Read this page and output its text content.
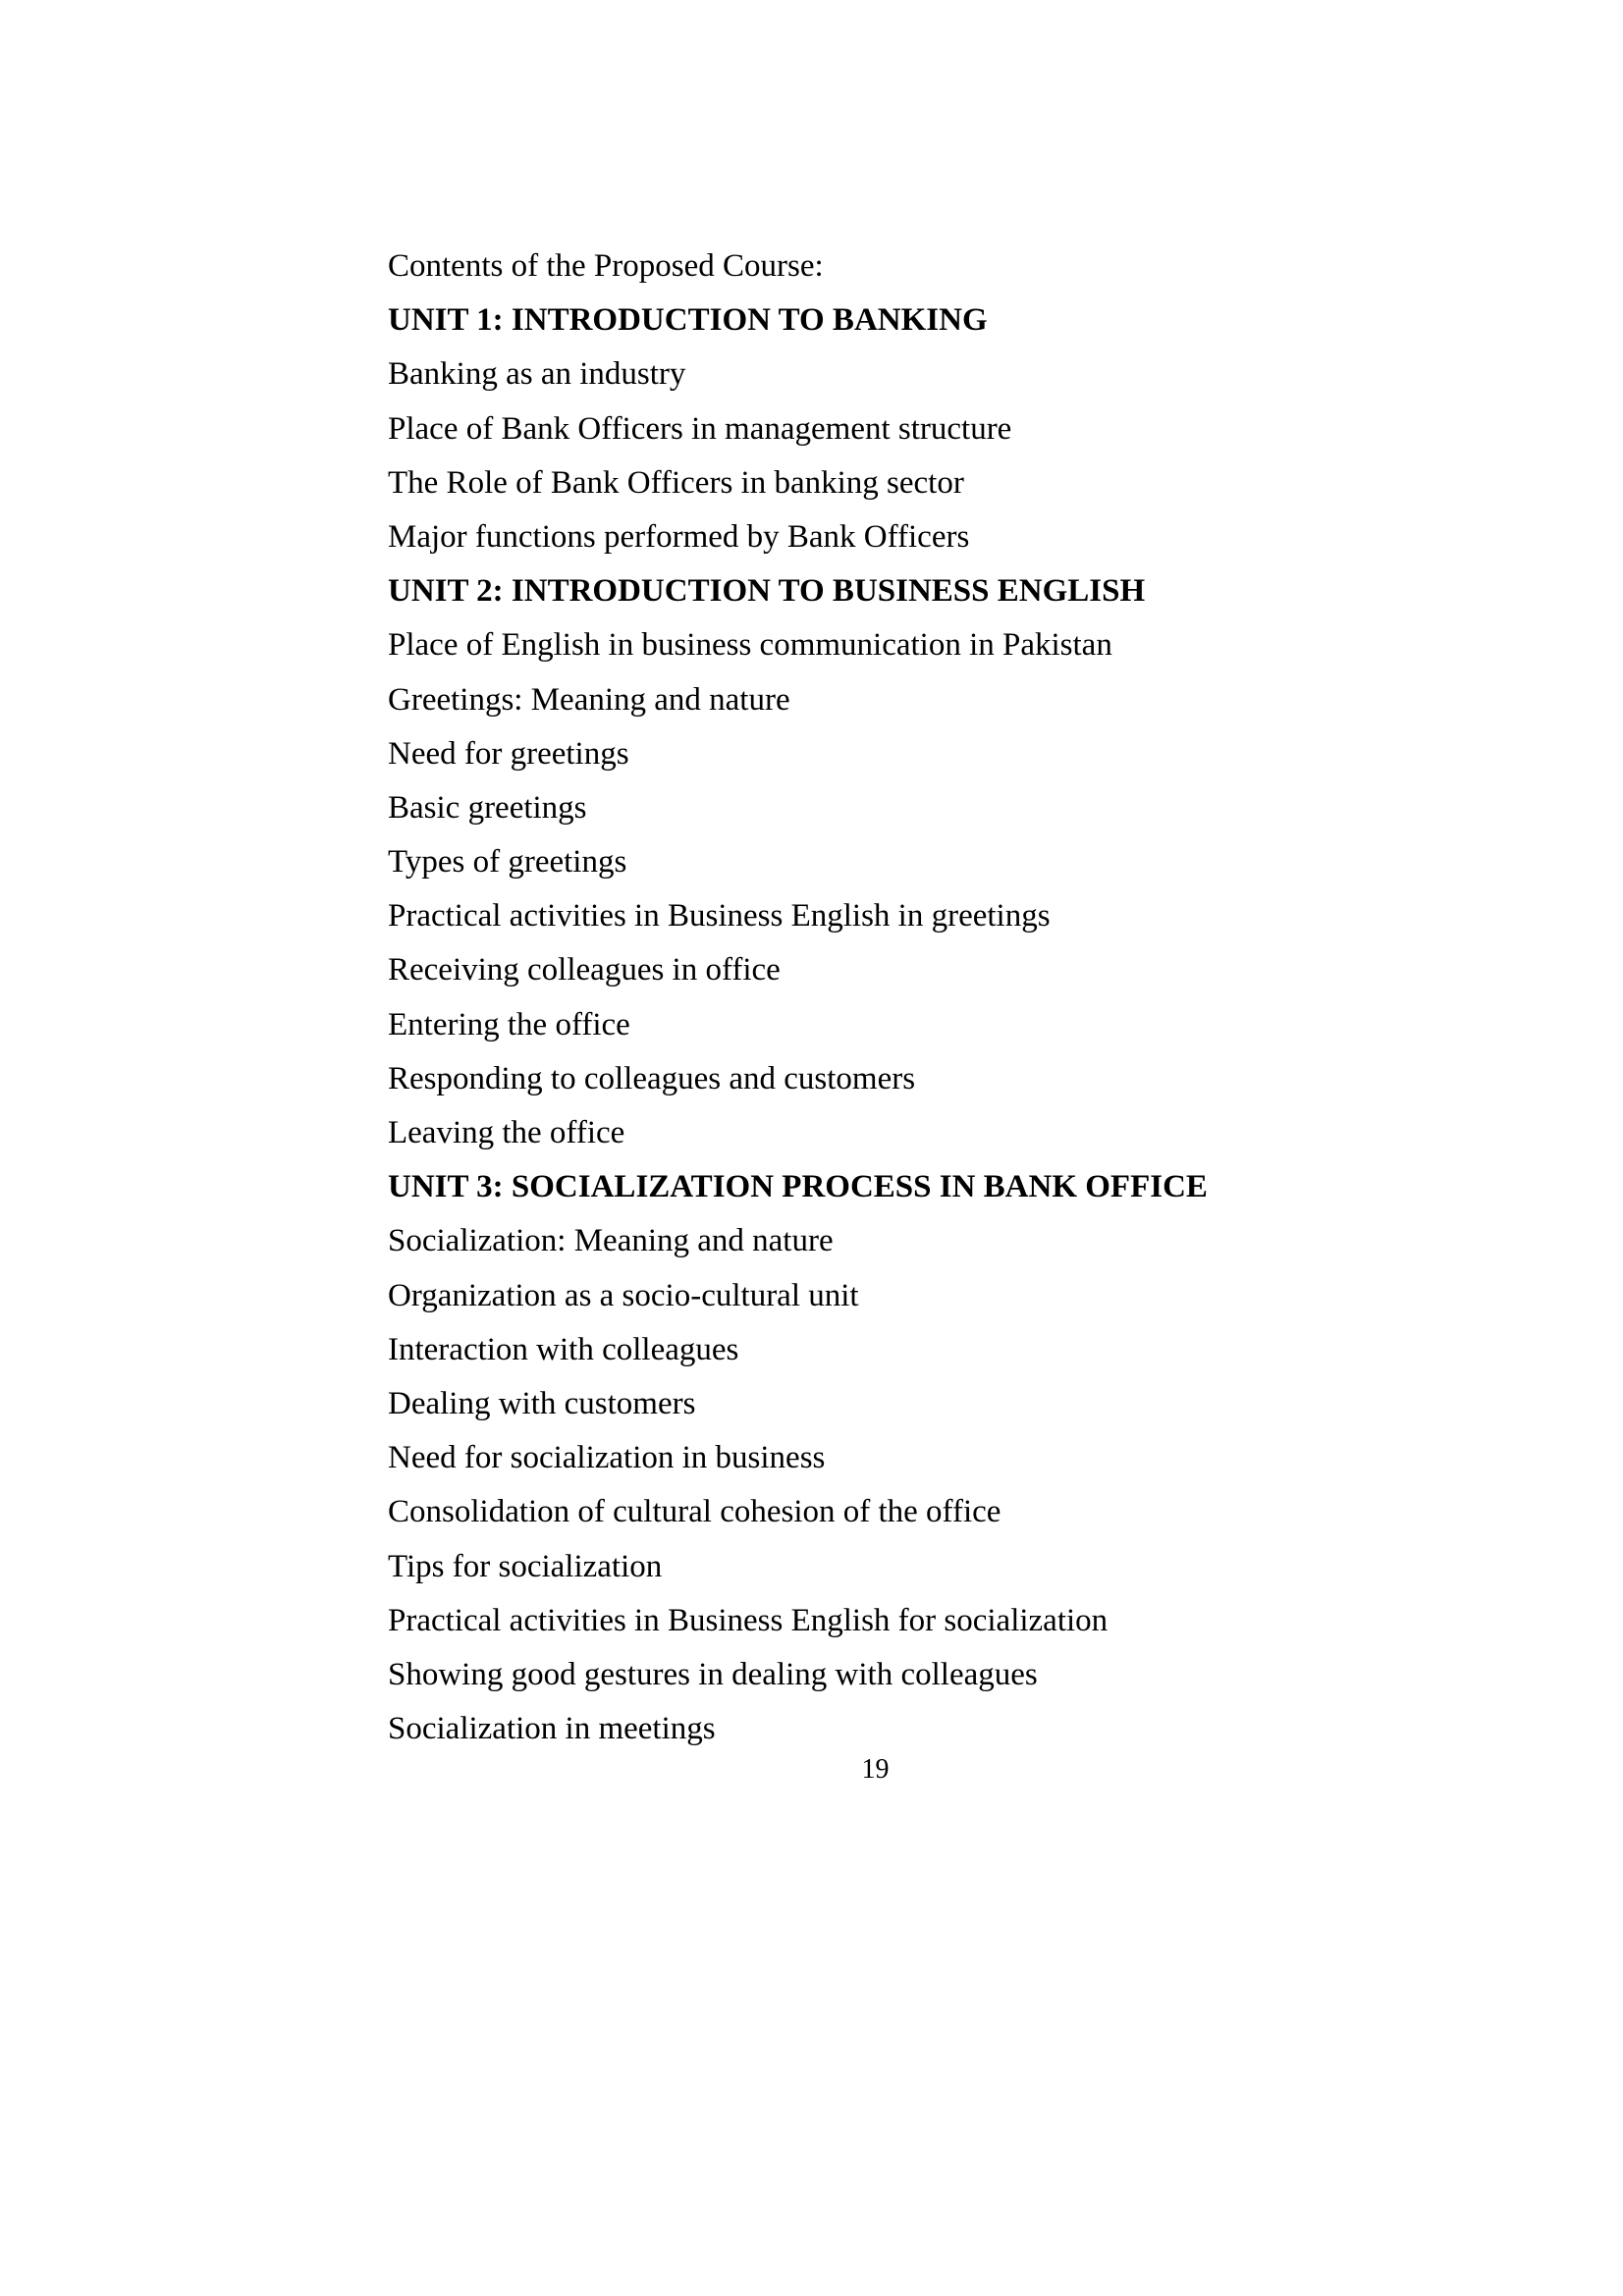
Contents of the Proposed Course:

UNIT 1: INTRODUCTION TO BANKING

Banking as an industry

Place of Bank Officers in management structure

The Role of Bank Officers in banking sector

Major functions performed by Bank Officers

UNIT 2: INTRODUCTION TO BUSINESS ENGLISH

Place of English in business communication in Pakistan

Greetings: Meaning and nature

Need for greetings

Basic greetings

Types of greetings

Practical activities in Business English in greetings

Receiving colleagues in office

Entering the office

Responding to colleagues and customers

Leaving the office

UNIT 3: SOCIALIZATION PROCESS IN BANK OFFICE

Socialization: Meaning and nature

Organization as a socio-cultural unit

Interaction with colleagues

Dealing with customers

Need for socialization in business

Consolidation of cultural cohesion of the office

Tips for socialization

Practical activities in Business English for socialization

Showing good gestures in dealing with colleagues

Socialization in meetings

19
